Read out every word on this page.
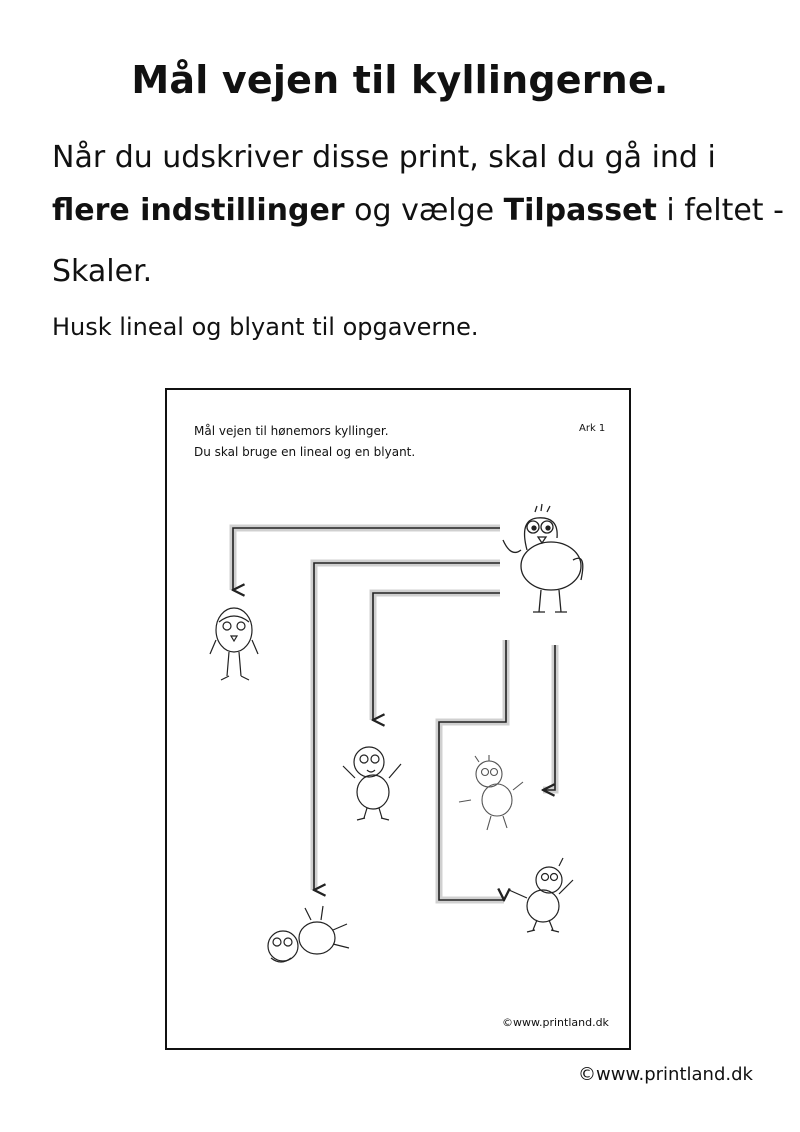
Mål vejen til kyllingerne.

Når du udskriver disse print, skal du gå ind i

flere indstillinger og vælge Tilpasset i feltet -

Skaler.

Husk lineal og blyant til opgaverne.

Mål vejen til hønemors kyllinger.

Du skal bruge en lineal og en blyant.
Ark 1
©www.printland.dk
©www.printland.dk
